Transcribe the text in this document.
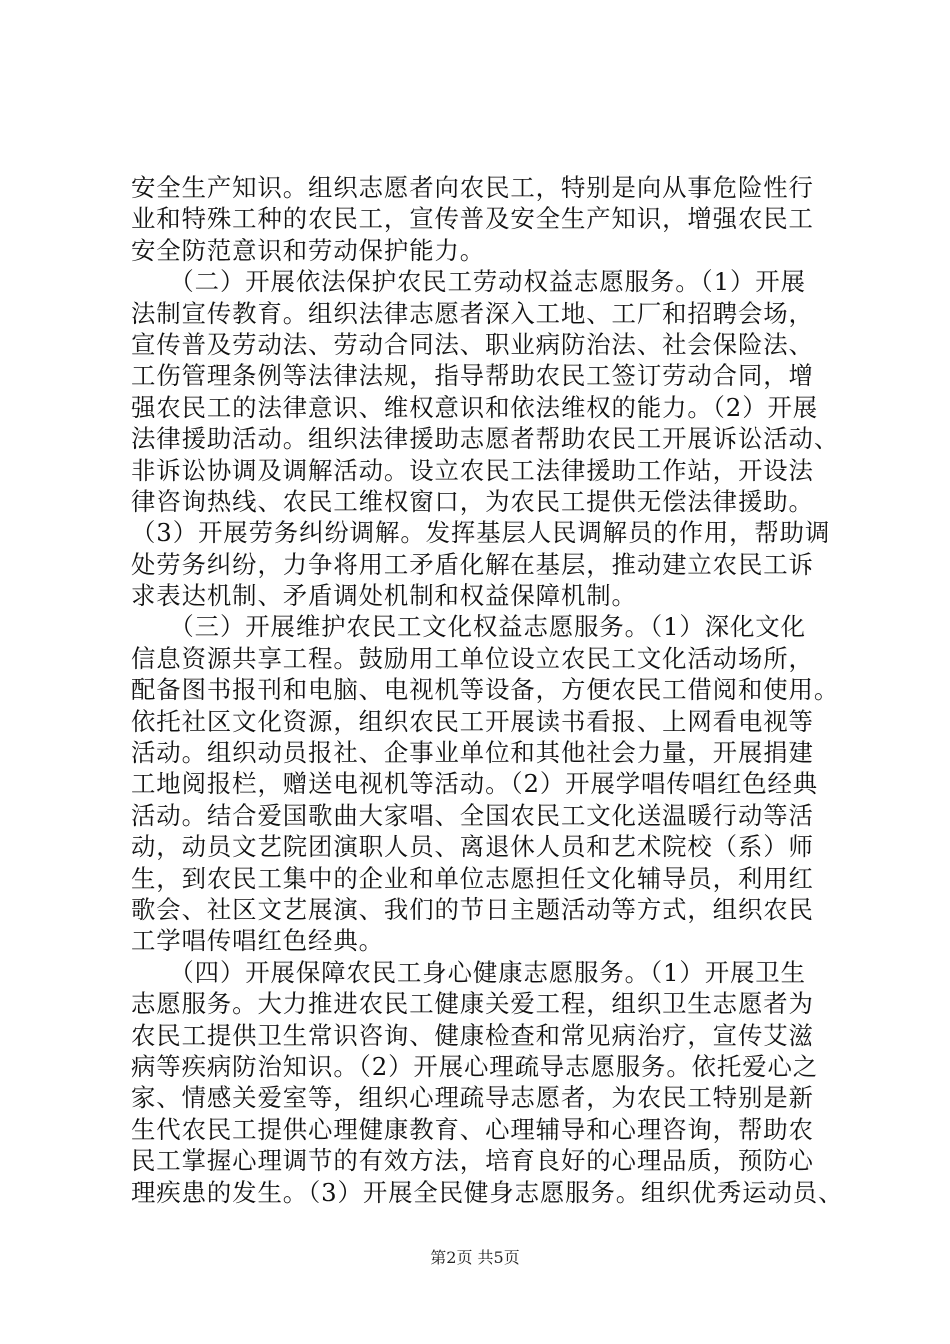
安全生产知识。组织志愿者向农民工，特别是向从事危险性行
业和特殊工种的农民工，宣传普及安全生产知识，增强农民工
安全防范意识和劳动保护能力。
　　（二）开展依法保护农民工劳动权益志愿服务。（1）开展
法制宣传教育。组织法律志愿者深入工地、工厂和招聘会场，
宣传普及劳动法、劳动合同法、职业病防治法、社会保险法、
工伤管理条例等法律法规，指导帮助农民工签订劳动合同，增
强农民工的法律意识、维权意识和依法维权的能力。（2）开展
法律援助活动。组织法律援助志愿者帮助农民工开展诉讼活动、
非诉讼协调及调解活动。设立农民工法律援助工作站，开设法
律咨询热线、农民工维权窗口，为农民工提供无偿法律援助。
（3）开展劳务纠纷调解。发挥基层人民调解员的作用，帮助调
处劳务纠纷，力争将用工矛盾化解在基层，推动建立农民工诉
求表达机制、矛盾调处机制和权益保障机制。
　　（三）开展维护农民工文化权益志愿服务。（1）深化文化
信息资源共享工程。鼓励用工单位设立农民工文化活动场所，
配备图书报刊和电脑、电视机等设备，方便农民工借阅和使用。
依托社区文化资源，组织农民工开展读书看报、上网看电视等
活动。组织动员报社、企事业单位和其他社会力量，开展捐建
工地阅报栏，赠送电视机等活动。（2）开展学唱传唱红色经典
活动。结合爱国歌曲大家唱、全国农民工文化送温暖行动等活
动，动员文艺院团演职人员、离退休人员和艺术院校（系）师
生，到农民工集中的企业和单位志愿担任文化辅导员，利用红
歌会、社区文艺展演、我们的节日主题活动等方式，组织农民
工学唱传唱红色经典。
　　（四）开展保障农民工身心健康志愿服务。（1）开展卫生
志愿服务。大力推进农民工健康关爱工程，组织卫生志愿者为
农民工提供卫生常识咨询、健康检查和常见病治疗，宣传艾滋
病等疾病防治知识。（2）开展心理疏导志愿服务。依托爱心之
家、情感关爱室等，组织心理疏导志愿者，为农民工特别是新
生代农民工提供心理健康教育、心理辅导和心理咨询，帮助农
民工掌握心理调节的有效方法，培育良好的心理品质，预防心
理疾患的发生。（3）开展全民健身志愿服务。组织优秀运动员、
第2页 共5页
